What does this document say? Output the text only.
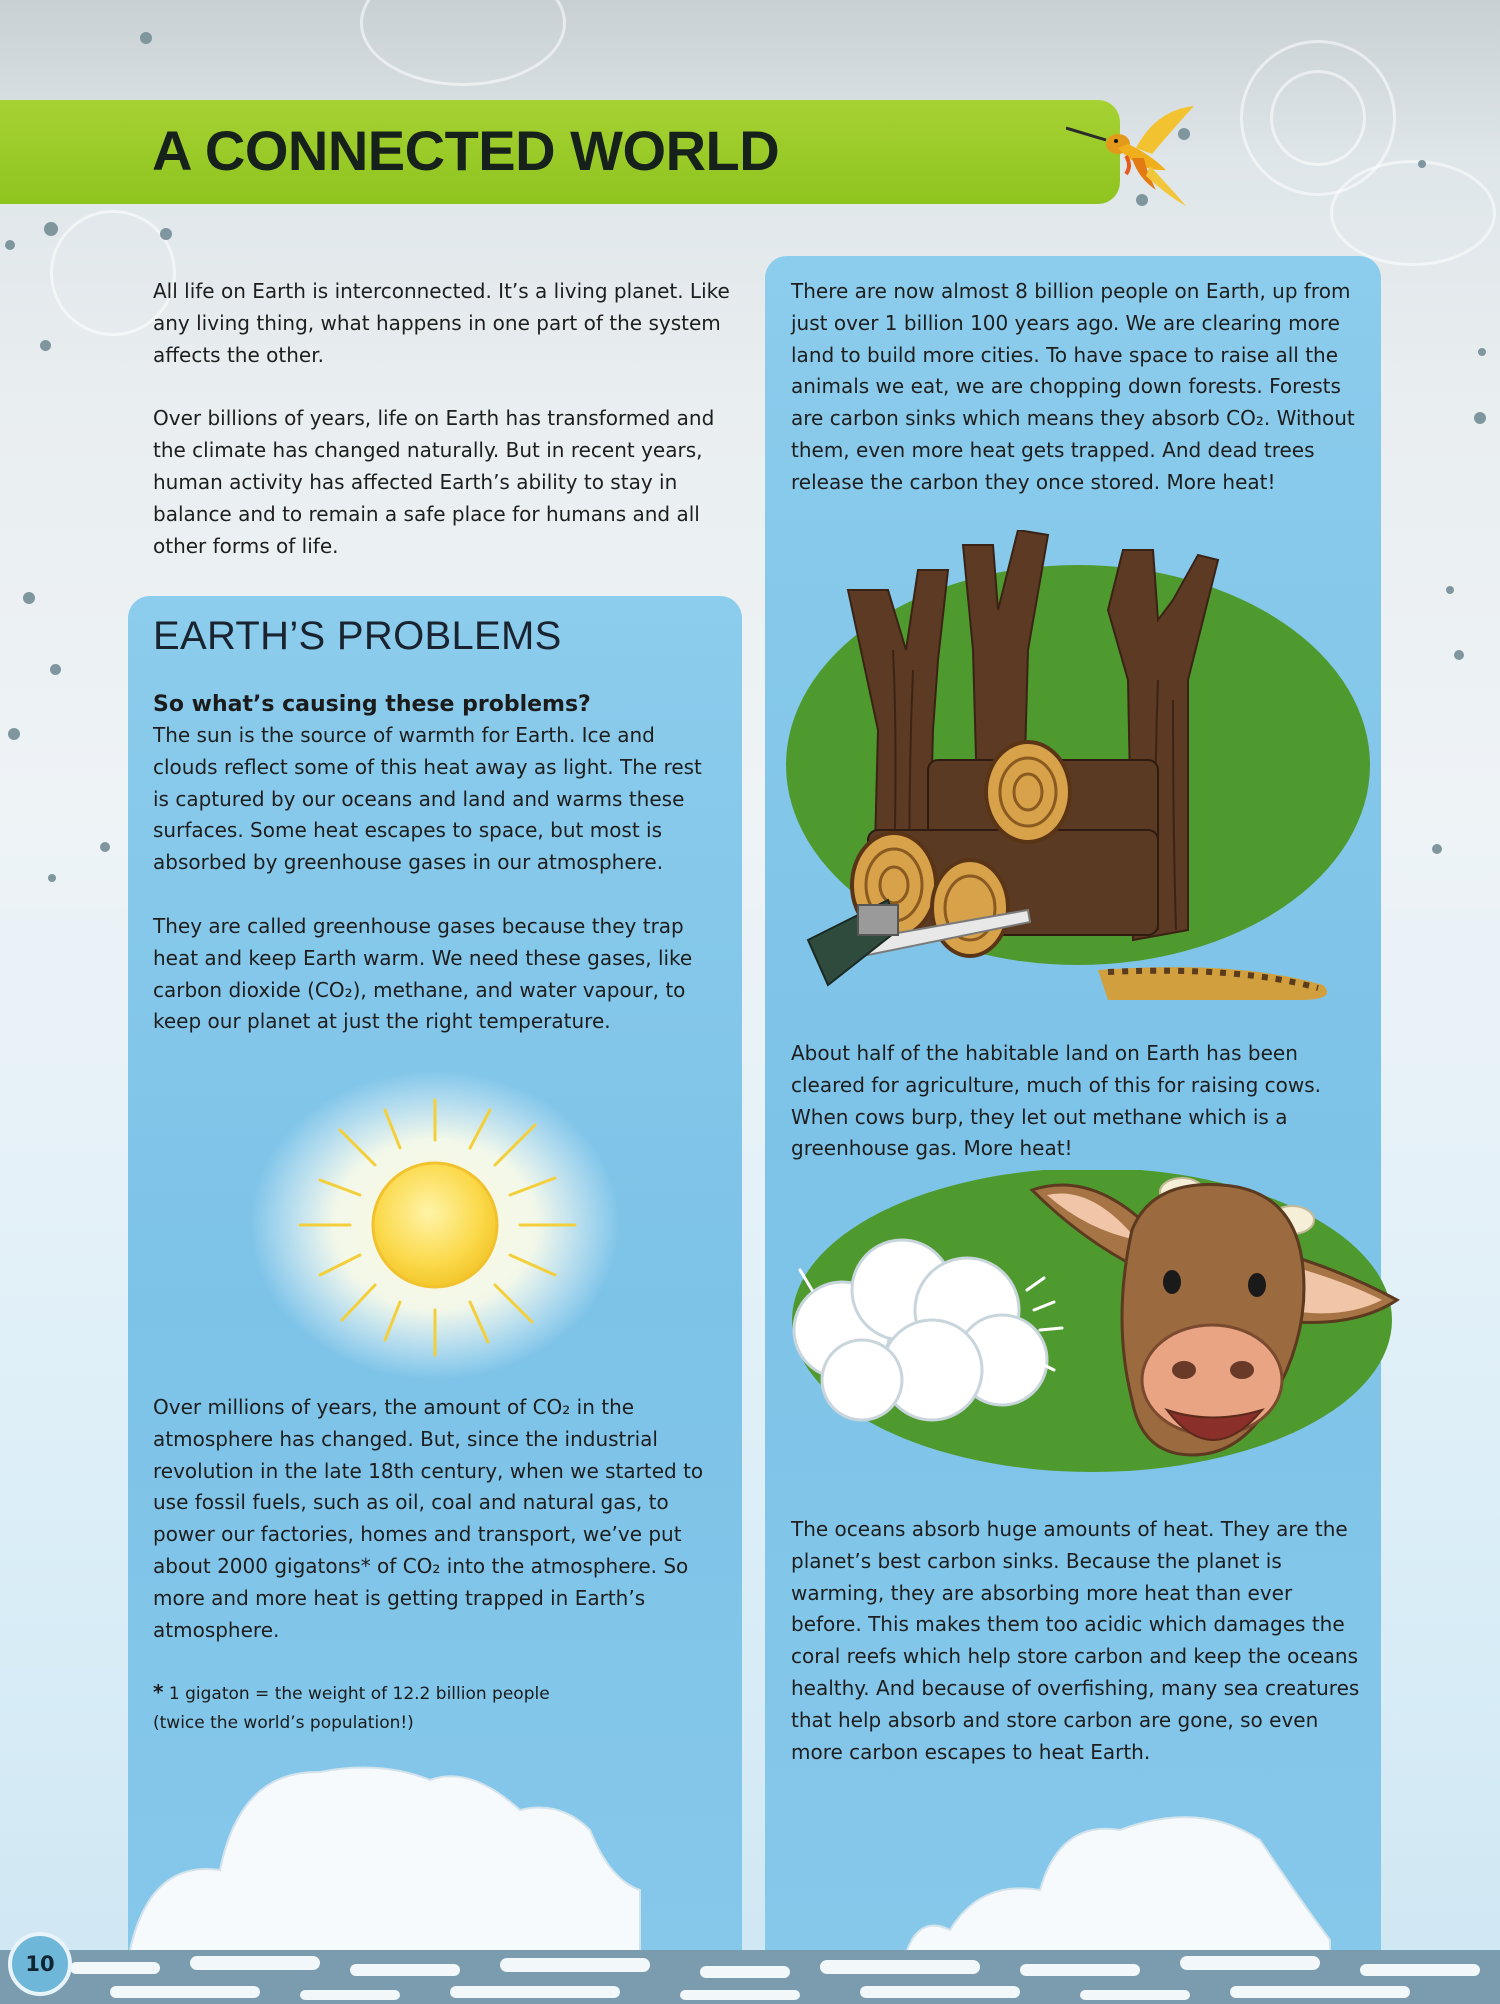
A CONNECTED WORLD

All life on Earth is interconnected. It’s a living planet. Like any living thing, what happens in one part of the system affects the other.

Over billions of years, life on Earth has transformed and the climate has changed naturally. But in recent years, human activity has affected Earth’s ability to stay in balance and to remain a safe place for humans and all other forms of life.

EARTH’S PROBLEMS

So what’s causing these problems?

The sun is the source of warmth for Earth. Ice and clouds reflect some of this heat away as light. The rest is captured by our oceans and land and warms these surfaces. Some heat escapes to space, but most is absorbed by greenhouse gases in our atmosphere.

They are called greenhouse gases because they trap heat and keep Earth warm. We need these gases, like carbon dioxide (CO₂), methane, and water vapour, to keep our planet at just the right temperature.

Over millions of years, the amount of CO₂ in the atmosphere has changed. But, since the industrial revolution in the late 18th century, when we started to use fossil fuels, such as oil, coal and natural gas, to power our factories, homes and transport, we’ve put about 2000 gigatons* of CO₂ into the atmosphere. So more and more heat is getting trapped in Earth’s atmosphere.

* 1 gigaton = the weight of 12.2 billion people
(twice the world’s population!)

There are now almost 8 billion people on Earth, up from just over 1 billion 100 years ago. We are clearing more land to build more cities. To have space to raise all the animals we eat, we are chopping down forests. Forests are carbon sinks which means they absorb CO₂. Without them, even more heat gets trapped. And dead trees release the carbon they once stored. More heat!

About half of the habitable land on Earth has been cleared for agriculture, much of this for raising cows. When cows burp, they let out methane which is a greenhouse gas. More heat!

The oceans absorb huge amounts of heat. They are the planet’s best carbon sinks. Because the planet is warming, they are absorbing more heat than ever before. This makes them too acidic which damages the coral reefs which help store carbon and keep the oceans healthy. And because of overfishing, many sea creatures that help absorb and store carbon are gone, so even more carbon escapes to heat Earth.

10
